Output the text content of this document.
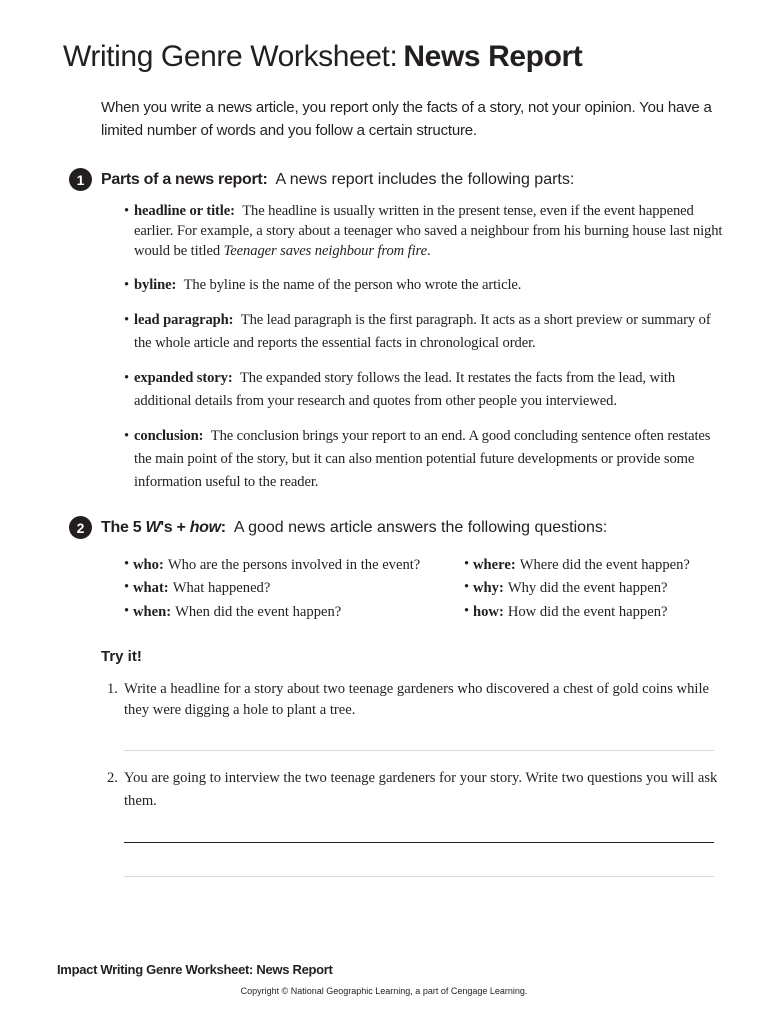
Writing Genre Worksheet: News Report
When you write a news article, you report only the facts of a story, not your opinion. You have a limited number of words and you follow a certain structure.
1	Parts of a news report: A news report includes the following parts:
• headline or title: The headline is usually written in the present tense, even if the event happened earlier. For example, a story about a teenager who saved a neighbour from his burning house last night would be titled Teenager saves neighbour from fire.
• byline: The byline is the name of the person who wrote the article.
• lead paragraph: The lead paragraph is the first paragraph. It acts as a short preview or summary of the whole article and reports the essential facts in chronological order.
• expanded story: The expanded story follows the lead. It restates the facts from the lead, with additional details from your research and quotes from other people you interviewed.
• conclusion: The conclusion brings your report to an end. A good concluding sentence often restates the main point of the story, but it can also mention potential future developments or provide some information useful to the reader.
2	The 5 W's + how: A good news article answers the following questions:
• who: Who are the persons involved in the event?	• where: Where did the event happen?
• what: What happened?	• why: Why did the event happen?
• when: When did the event happen?	• how: How did the event happen?
Try it!
1. Write a headline for a story about two teenage gardeners who discovered a chest of gold coins while they were digging a hole to plant a tree.
2. You are going to interview the two teenage gardeners for your story. Write two questions you will ask them.
Impact Writing Genre Worksheet: News Report
Copyright © National Geographic Learning, a part of Cengage Learning.
